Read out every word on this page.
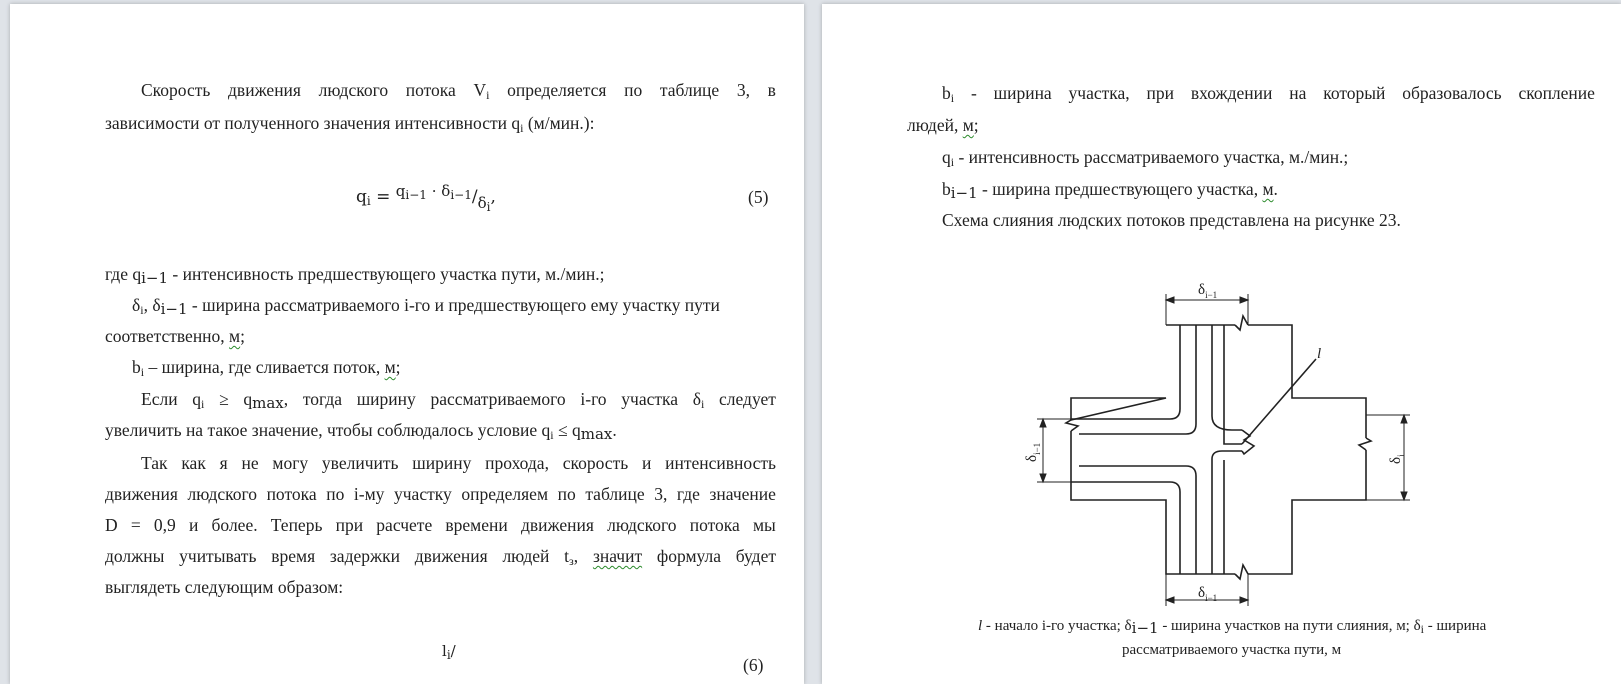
Скорость движения людского потока $V_i$ определяется по таблице 3, в
зависимости от полученного значения интенсивности $q_i$ (м/мин.):
$q_i = q_{i-1} \cdot \delta_{i-1}/\delta_i$,	(5)
где $q_{i-1}$ - интенсивность предшествующего участка пути, м./мин.;
$\delta_i$, $\delta_{i-1}$ - ширина рассматриваемого i-го и предшествующего ему участку пути
соответственно, м;
$b_i$ – ширина, где сливается поток, м;
Если $q_i \ge q_{max}$, тогда ширину рассматриваемого i-го участка $\delta_i$ следует
увеличить на такое значение, чтобы соблюдалось условие $q_i \le q_{max}$.
Так как я не могу увеличить ширину прохода, скорость и интенсивность
движения людского потока по i-му участку определяем по таблице 3, где значение
D = 0,9 и более. Теперь при расчете времени движения людского потока мы
должны учитывать время задержки движения людей $t_з$, значит формула будет
выглядеть следующим образом:
$l_i/$
(6)
$b_i$ - ширина участка, при вхождении на который образовалось скопление
людей, м;
$q_i$ - интенсивность рассматриваемого участка, м./мин.;
$b_{i-1}$ - ширина предшествующего участка, м.
Схема слияния людских потоков представлена на рисунке 23.
$\delta_{i-1}$
$\delta_{i-1}$
$\delta_{i-1}$
$\delta_i$
l
l - начало i-го участка; $\delta_{i-1}$ - ширина участков на пути слияния, м; $\delta_i$ - ширина
рассматриваемого участка пути, м
